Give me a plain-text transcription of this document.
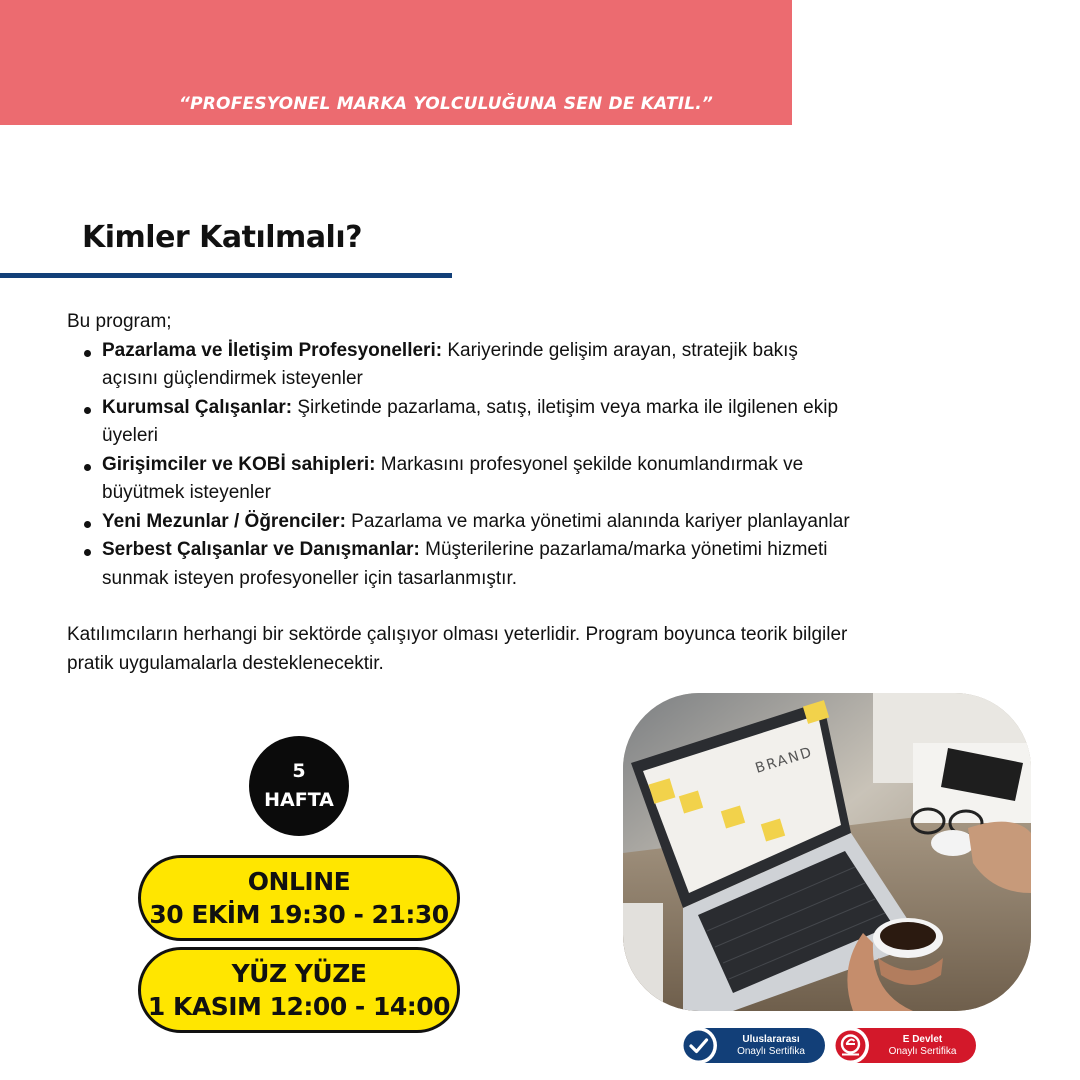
“PROFESYONEL MARKA YOLCULUĞUNA SEN DE KATIL.”
Kimler Katılmalı?

Bu program;

Pazarlama ve İletişim Profesyonelleri: Kariyerinde gelişim arayan, stratejik bakış açısını güçlendirmek isteyenler
Kurumsal Çalışanlar: Şirketinde pazarlama, satış, iletişim veya marka ile ilgilenen ekip üyeleri
Girişimciler ve KOBİ sahipleri: Markasını profesyonel şekilde konumlandırmak ve büyütmek isteyenler
Yeni Mezunlar / Öğrenciler: Pazarlama ve marka yönetimi alanında kariyer planlayanlar
Serbest Çalışanlar ve Danışmanlar: Müşterilerine pazarlama/marka yönetimi hizmeti sunmak isteyen profesyoneller için tasarlanmıştır.

Katılımcıların herhangi bir sektörde çalışıyor olması yeterlidir. Program boyunca teorik bilgiler pratik uygulamalarla desteklenecektir.

5
HAFTA
ONLINE
30 EKİM 19:30 - 21:30
YÜZ YÜZE
1 KASIM 12:00 - 14:00
BRAND
Uluslararası
Onaylı Sertifika
E Devlet
Onaylı Sertifika
